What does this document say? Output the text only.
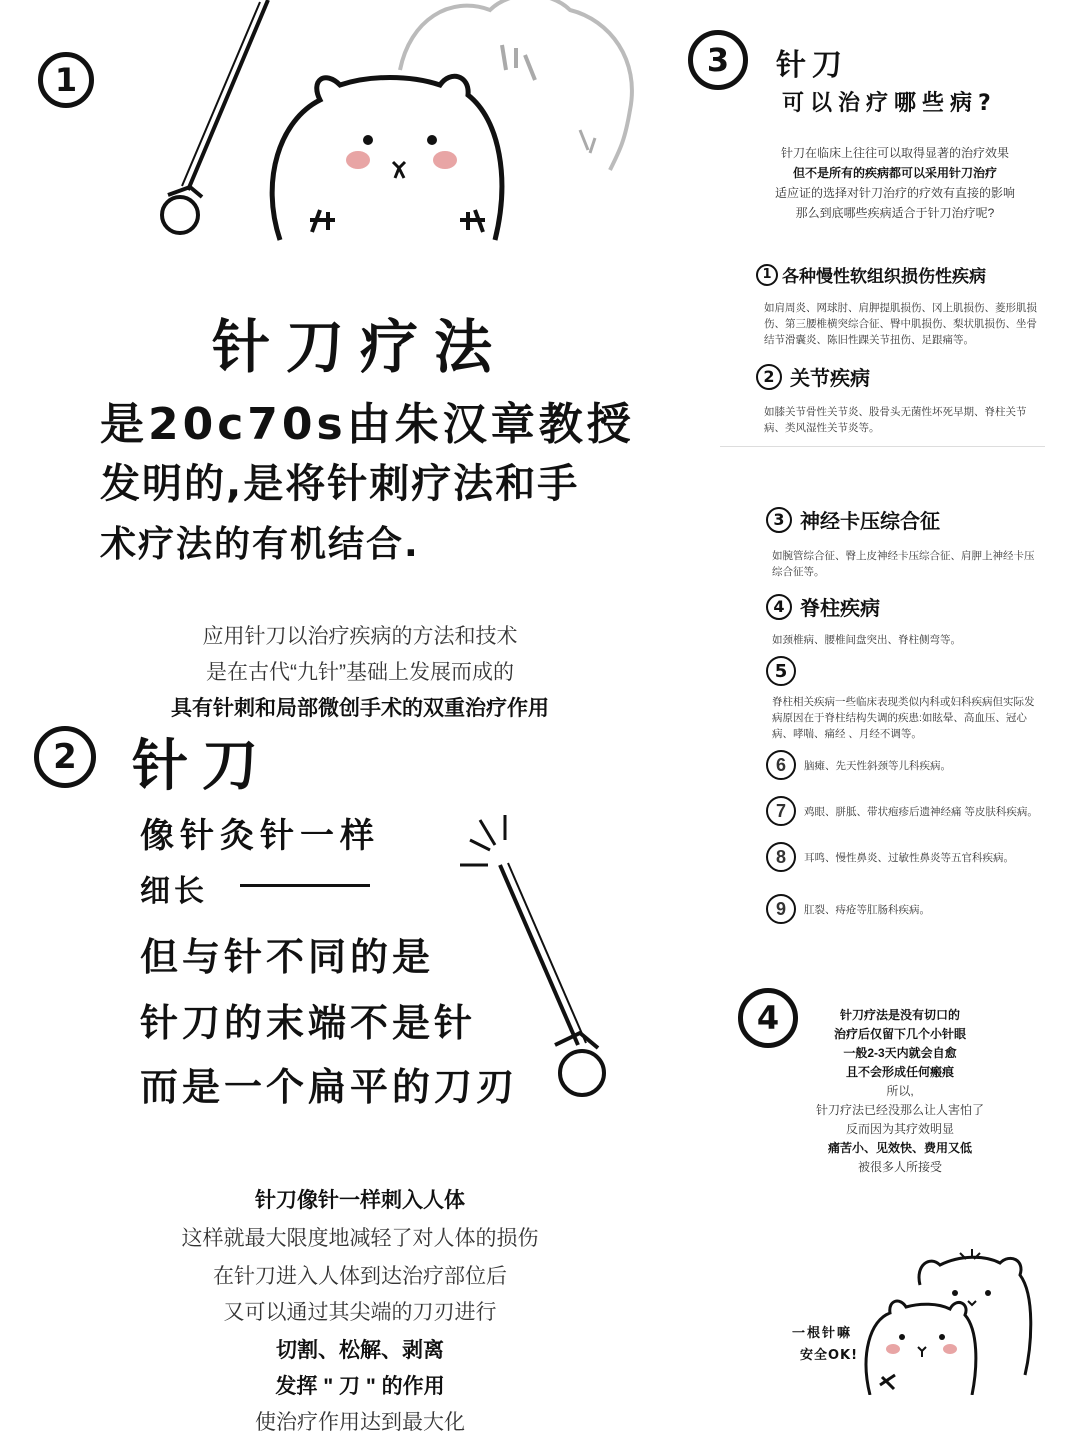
1
针刀疗法
是20c70s由朱汉章教授
发明的,是将针刺疗法和手
术疗法的有机结合.
应用针刀以治疗疾病的方法和技术
是在古代“九针”基础上发展而成的
具有针刺和局部微创手术的双重治疗作用
2 针刀
像针灸针一样
细长
但与针不同的是
针刀的末端不是针
而是一个扁平的刀刃
针刀像针一样刺入人体
这样就最大限度地减轻了对人体的损伤
在针刀进入人体到达治疗部位后
又可以通过其尖端的刀刃进行
切割、松解、剥离
发挥 " 刀 " 的作用
使治疗作用达到最大化
3 针刀
可以治疗哪些病?
针刀在临床上往往可以取得显著的治疗效果
但不是所有的疾病都可以采用针刀治疗
适应证的选择对针刀治疗的疗效有直接的影响
那么到底哪些疾病适合于针刀治疗呢?
1 各种慢性软组织损伤性疾病
如肩周炎、网球肘、肩胛提肌损伤、冈上肌损伤、菱形肌损伤、第三腰椎横突综合征、臀中肌损伤、梨状肌损伤、坐骨结节滑囊炎、陈旧性踝关节扭伤、足跟痛等。
2 关节疾病
如膝关节骨性关节炎、股骨头无菌性坏死早期、脊柱关节病、类风湿性关节炎等。
3 神经卡压综合征
如腕管综合征、臀上皮神经卡压综合征、肩胛上神经卡压综合征等。
4 脊柱疾病
如颈椎病、腰椎间盘突出、脊柱侧弯等。
5
脊柱相关疾病一些临床表现类似内科或妇科疾病但实际发病原因在于脊柱结构失调的疾患:如眩晕、高血压、冠心病、哮喘、痛经 、月经不调等。
6	脑瘫、先天性斜颈等儿科疾病。
7	鸡眼、胼胝、带状疱疹后遗神经痛 等皮肤科疾病。
8	耳鸣、慢性鼻炎、过敏性鼻炎等五官科疾病。
9	肛裂、痔疮等肛肠科疾病。
4	针刀疗法是没有切口的
治疗后仅留下几个小针眼
一般2-3天内就会自愈
且不会形成任何瘢痕
所以,
针刀疗法已经没那么让人害怕了
反而因为其疗效明显
痛苦小、见效快、费用又低
被很多人所接受
一根针嘛
安全OK!
